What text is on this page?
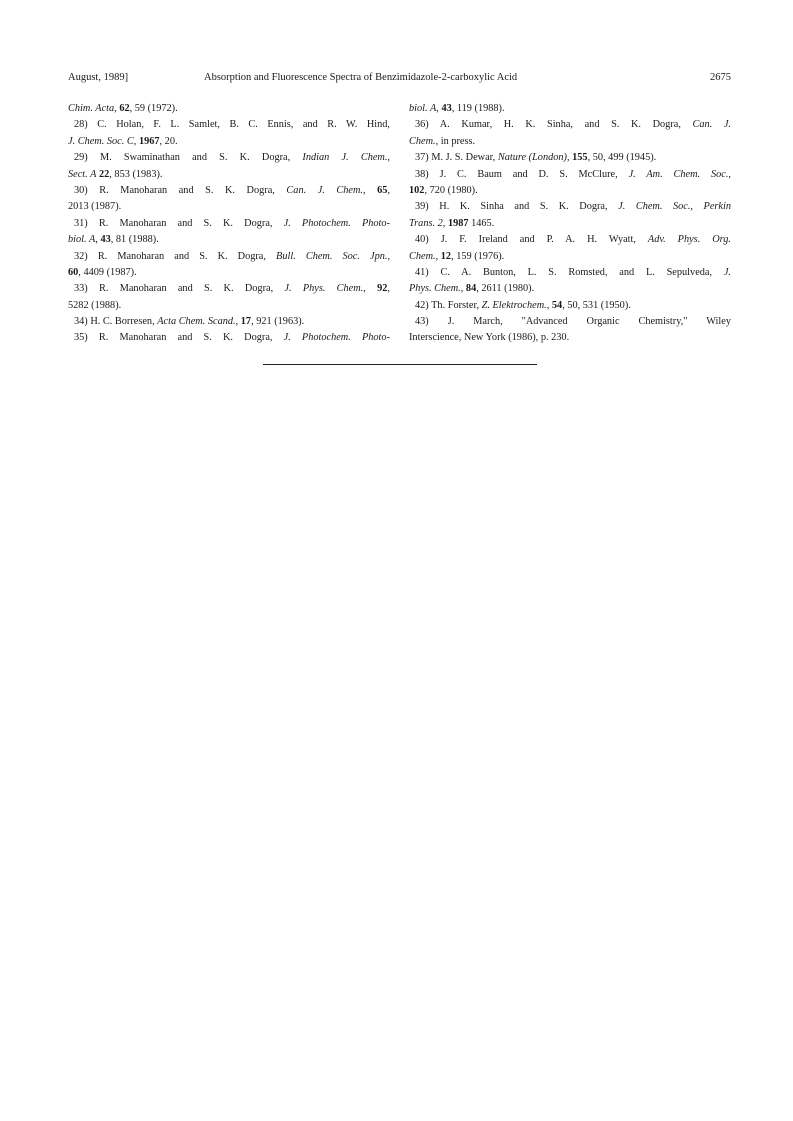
August, 1989]	Absorption and Fluorescence Spectra of Benzimidazole-2-carboxylic Acid	2675
Chim. Acta, 62, 59 (1972).
28) C. Holan, F. L. Samlet, B. C. Ennis, and R. W. Hind,
J. Chem. Soc. C, 1967, 20.
29) M. Swaminathan and S. K. Dogra, Indian J. Chem.,
Sect. A 22, 853 (1983).
30) R. Manoharan and S. K. Dogra, Can. J. Chem., 65,
2013 (1987).
31) R. Manoharan and S. K. Dogra, J. Photochem. Photo-
biol. A, 43, 81 (1988).
32) R. Manoharan and S. K. Dogra, Bull. Chem. Soc. Jpn.,
60, 4409 (1987).
33) R. Manoharan and S. K. Dogra, J. Phys. Chem., 92,
5282 (1988).
34) H. C. Borresen, Acta Chem. Scand., 17, 921 (1963).
35) R. Manoharan and S. K. Dogra, J. Photochem. Photo-
biol. A, 43, 119 (1988).
36) A. Kumar, H. K. Sinha, and S. K. Dogra, Can. J.
Chem., in press.
37) M. J. S. Dewar, Nature (London), 155, 50, 499 (1945).
38) J. C. Baum and D. S. McClure, J. Am. Chem. Soc.,
102, 720 (1980).
39) H. K. Sinha and S. K. Dogra, J. Chem. Soc., Perkin
Trans. 2, 1987 1465.
40) J. F. Ireland and P. A. H. Wyatt, Adv. Phys. Org.
Chem., 12, 159 (1976).
41) C. A. Bunton, L. S. Romsted, and L. Sepulveda, J.
Phys. Chem., 84, 2611 (1980).
42) Th. Forster, Z. Elektrochem., 54, 50, 531 (1950).
43) J. March, "Advanced Organic Chemistry," Wiley
Interscience, New York (1986), p. 230.
